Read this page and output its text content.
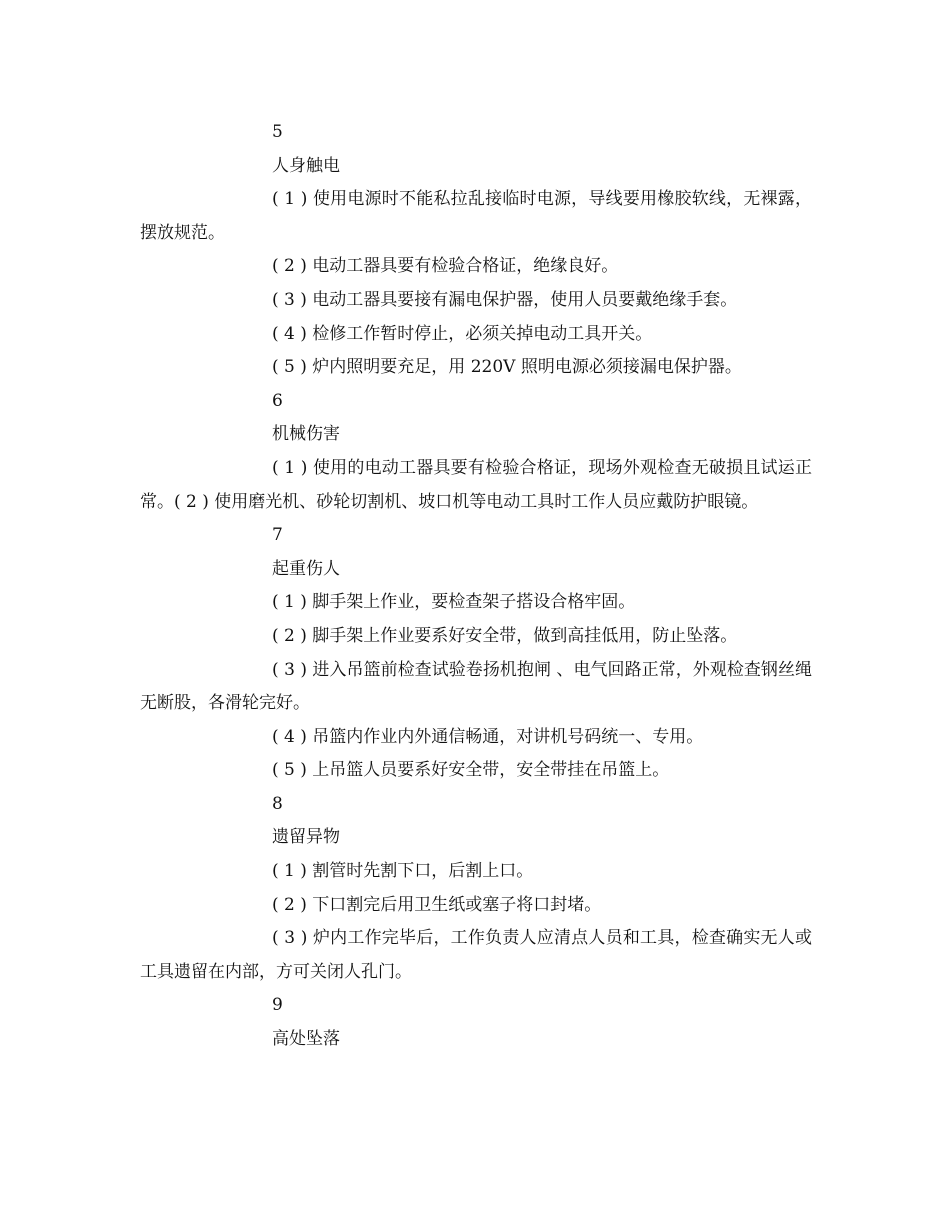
5
人身触电
( 1 ) 使用电源时不能私拉乱接临时电源，导线要用橡胶软线，无裸露，摆放规范。
( 2 ) 电动工器具要有检验合格证，绝缘良好。
( 3 ) 电动工器具要接有漏电保护器，使用人员要戴绝缘手套。
( 4 ) 检修工作暂时停止，必须关掉电动工具开关。
( 5 ) 炉内照明要充足，用 220V 照明电源必须接漏电保护器。
6
机械伤害
( 1 ) 使用的电动工器具要有检验合格证，现场外观检查无破损且试运正常。( 2 ) 使用磨光机、砂轮切割机、坡口机等电动工具时工作人员应戴防护眼镜。
7
起重伤人
( 1 ) 脚手架上作业，要检查架子搭设合格牢固。
( 2 ) 脚手架上作业要系好安全带，做到高挂低用，防止坠落。
( 3 ) 进入吊篮前检查试验卷扬机抱闸 、电气回路正常，外观检查钢丝绳无断股，各滑轮完好。
( 4 ) 吊篮内作业内外通信畅通，对讲机号码统一、专用。
( 5 ) 上吊篮人员要系好安全带，安全带挂在吊篮上。
8
遗留异物
( 1 ) 割管时先割下口，后割上口。
( 2 ) 下口割完后用卫生纸或塞子将口封堵。
( 3 ) 炉内工作完毕后，工作负责人应清点人员和工具，检查确实无人或工具遗留在内部，方可关闭人孔门。
9
高处坠落
